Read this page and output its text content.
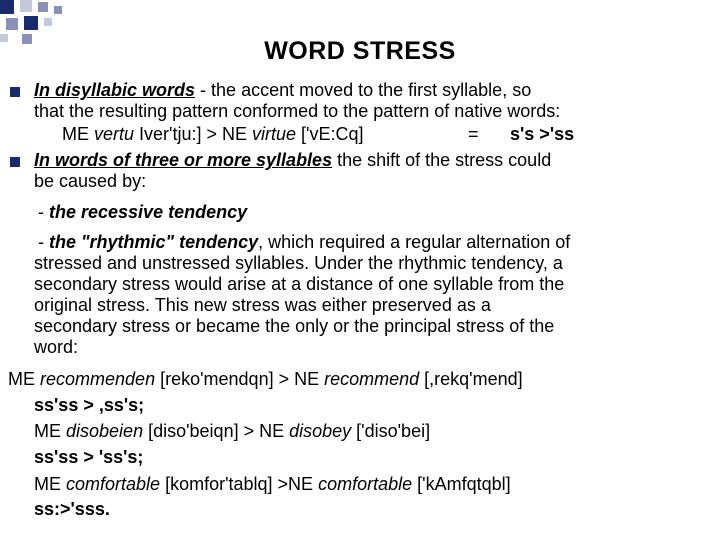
WORD STRESS
In disyllabic words - the accent moved to the first syllable, so
that the resulting pattern conformed to the pattern of native words:
ME vertu Iver'tju:] > NE virtue ['vE:Cq]	= s's >'ss
In words of three or more syllables the shift of the stress could
be caused by:
- the recessive tendency
- the "rhythmic" tendency, which required a regular alternation of
stressed and unstressed syllables. Under the rhythmic tendency, a
secondary stress would arise at a distance of one syllable from the
original stress. This new stress was either preserved as a
secondary stress or became the only or the principal stress of the
word:
ME recommenden [reko'mendqn] > NE recommend [,rekq'mend]
ss'ss > ,ss's;
ME disobeien [diso'beiqn] > NE disobey ['diso'bei]
ss'ss > 'ss's;
ME comfortable [komfor'tablq] >NE comfortable ['kAmfqtqbl]
ss:>'sss.
